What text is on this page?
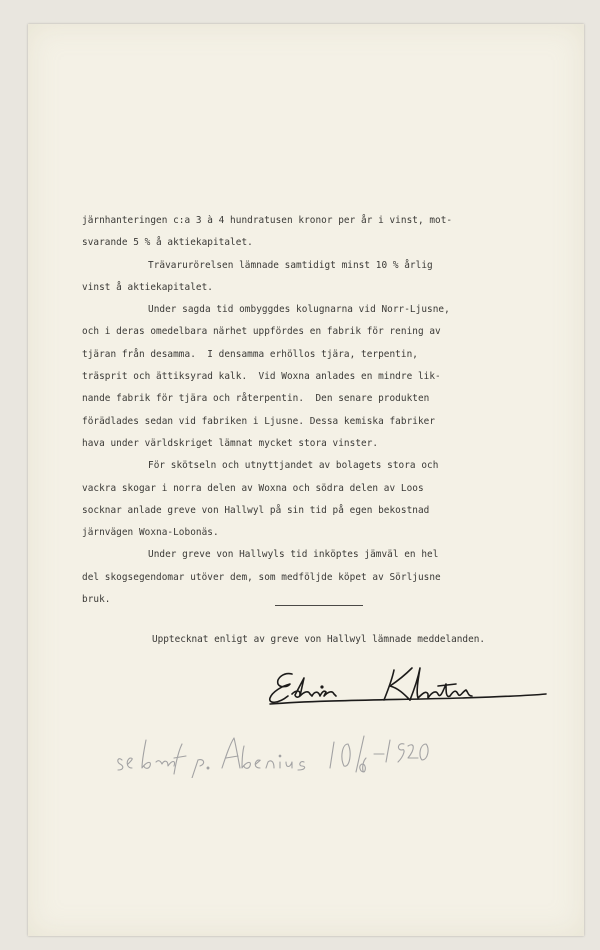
järnhanteringen c:a 3 à 4 hundratusen kronor per år i vinst, mot-
svarande 5 % å aktiekapitalet.
Trävarurörelsen lämnade samtidigt minst 10 % årlig
vinst å aktiekapitalet.
Under sagda tid ombyggdes kolugnarna vid Norr-Ljusne,
och i deras omedelbara närhet uppfördes en fabrik för rening av
tjäran från desamma.  I densamma erhöllos tjära, terpentin,
träsprit och ättiksyrad kalk.  Vid Woxna anlades en mindre lik-
nande fabrik för tjära och råterpentin.  Den senare produkten
förädlades sedan vid fabriken i Ljusne. Dessa kemiska fabriker
hava under världskriget lämnat mycket stora vinster.
För skötseln och utnyttjandet av bolagets stora och
vackra skogar i norra delen av Woxna och södra delen av Loos
socknar anlade greve von Hallwyl på sin tid på egen bekostnad
järnvägen Woxna-Lobonäs.
Under greve von Hallwyls tid inköptes jämväl en hel
del skogsegendomar utöver dem, som medföljde köpet av Sörljusne
bruk.
Upptecknat enligt av greve von Hallwyl lämnade meddelanden.
